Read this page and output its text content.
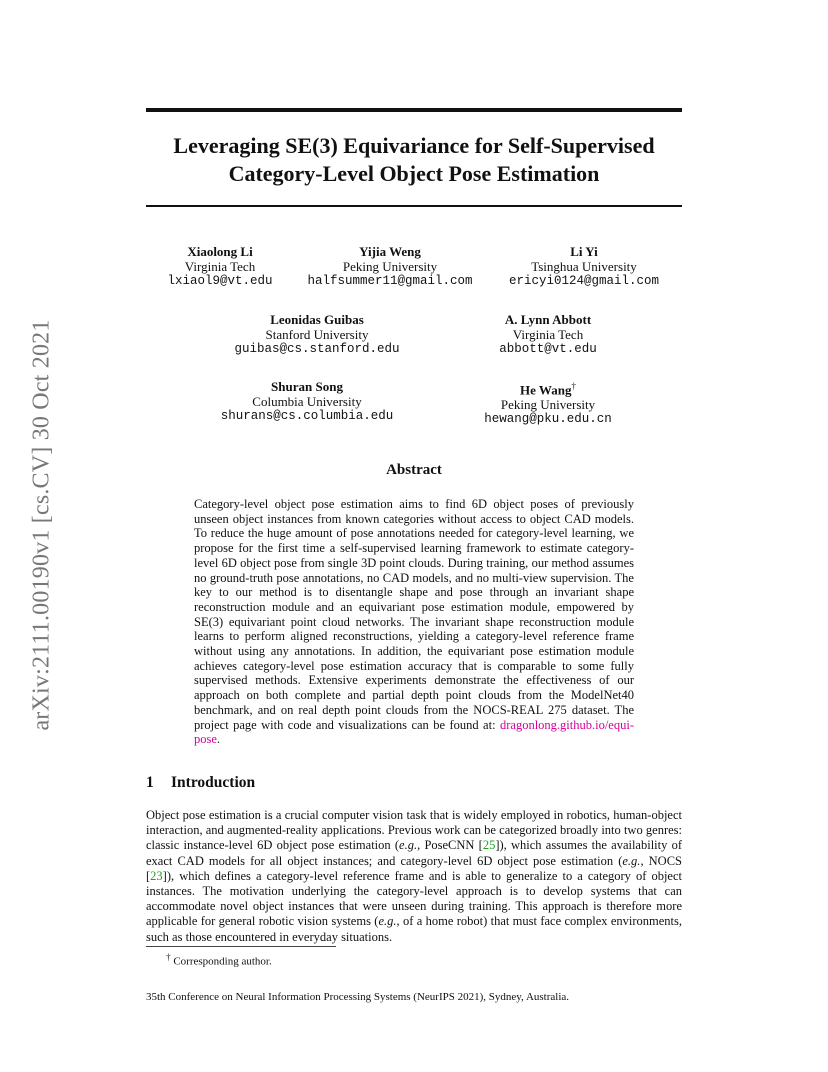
arXiv:2111.00190v1 [cs.CV] 30 Oct 2021
Leveraging SE(3) Equivariance for Self-Supervised
Category-Level Object Pose Estimation
Xiaolong Li
Virginia Tech
lxiaol9@vt.edu
Yijia Weng
Peking University
halfsummer11@gmail.com
Li Yi
Tsinghua University
ericyi0124@gmail.com
Leonidas Guibas
Stanford University
guibas@cs.stanford.edu
A. Lynn Abbott
Virginia Tech
abbott@vt.edu
Shuran Song
Columbia University
shurans@cs.columbia.edu
He Wang†
Peking University
hewang@pku.edu.cn
Abstract
Category-level object pose estimation aims to find 6D object poses of previously unseen object instances from known categories without access to object CAD models. To reduce the huge amount of pose annotations needed for category-level learning, we propose for the first time a self-supervised learning framework to estimate category-level 6D object pose from single 3D point clouds. During training, our method assumes no ground-truth pose annotations, no CAD models, and no multi-view supervision. The key to our method is to disentangle shape and pose through an invariant shape reconstruction module and an equivariant pose estimation module, empowered by SE(3) equivariant point cloud networks. The invariant shape reconstruction module learns to perform aligned reconstructions, yielding a category-level reference frame without using any annotations. In addition, the equivariant pose estimation module achieves category-level pose estimation accuracy that is comparable to some fully supervised methods. Extensive experiments demonstrate the effectiveness of our approach on both complete and partial depth point clouds from the ModelNet40 benchmark, and on real depth point clouds from the NOCS-REAL 275 dataset. The project page with code and visualizations can be found at: dragonlong.github.io/equi-pose.
1 Introduction
Object pose estimation is a crucial computer vision task that is widely employed in robotics, human-object interaction, and augmented-reality applications. Previous work can be categorized broadly into two genres: classic instance-level 6D object pose estimation (e.g., PoseCNN [25]), which assumes the availability of exact CAD models for all object instances; and category-level 6D object pose estimation (e.g., NOCS [23]), which defines a category-level reference frame and is able to generalize to a category of object instances. The motivation underlying the category-level approach is to develop systems that can accommodate novel object instances that were unseen during training. This approach is therefore more applicable for general robotic vision systems (e.g., of a home robot) that must face complex environments, such as those encountered in everyday situations.
† Corresponding author.
35th Conference on Neural Information Processing Systems (NeurIPS 2021), Sydney, Australia.
